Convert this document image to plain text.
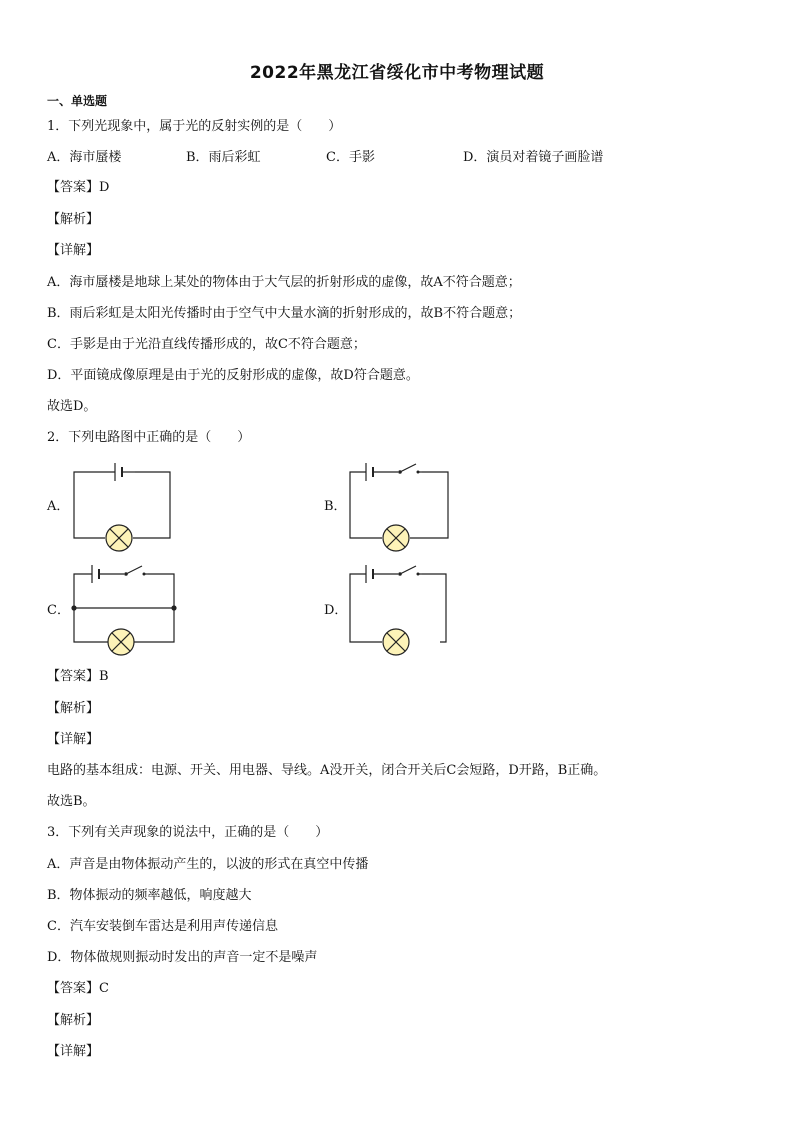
2022年黑龙江省绥化市中考物理试题
一、单选题
1．下列光现象中，属于光的反射实例的是（　　）
A．海市蜃楼	B．雨后彩虹	C．手影	D．演员对着镜子画脸谱
【答案】D
【解析】
【详解】
A．海市蜃楼是地球上某处的物体由于大气层的折射形成的虚像，故A不符合题意；
B．雨后彩虹是太阳光传播时由于空气中大量水滴的折射形成的，故B不符合题意；
C．手影是由于光沿直线传播形成的，故C不符合题意；
D．平面镜成像原理是由于光的反射形成的虚像，故D符合题意。
故选D。
2．下列电路图中正确的是（　　）
A．	B．
C．	D．
【答案】B
【解析】
【详解】
电路的基本组成：电源、开关、用电器、导线。A没开关，闭合开关后C会短路，D开路，B正确。
故选B。
3．下列有关声现象的说法中，正确的是（　　）
A．声音是由物体振动产生的，以波的形式在真空中传播
B．物体振动的频率越低，响度越大
C．汽车安装倒车雷达是利用声传递信息
D．物体做规则振动时发出的声音一定不是噪声
【答案】C
【解析】
【详解】
